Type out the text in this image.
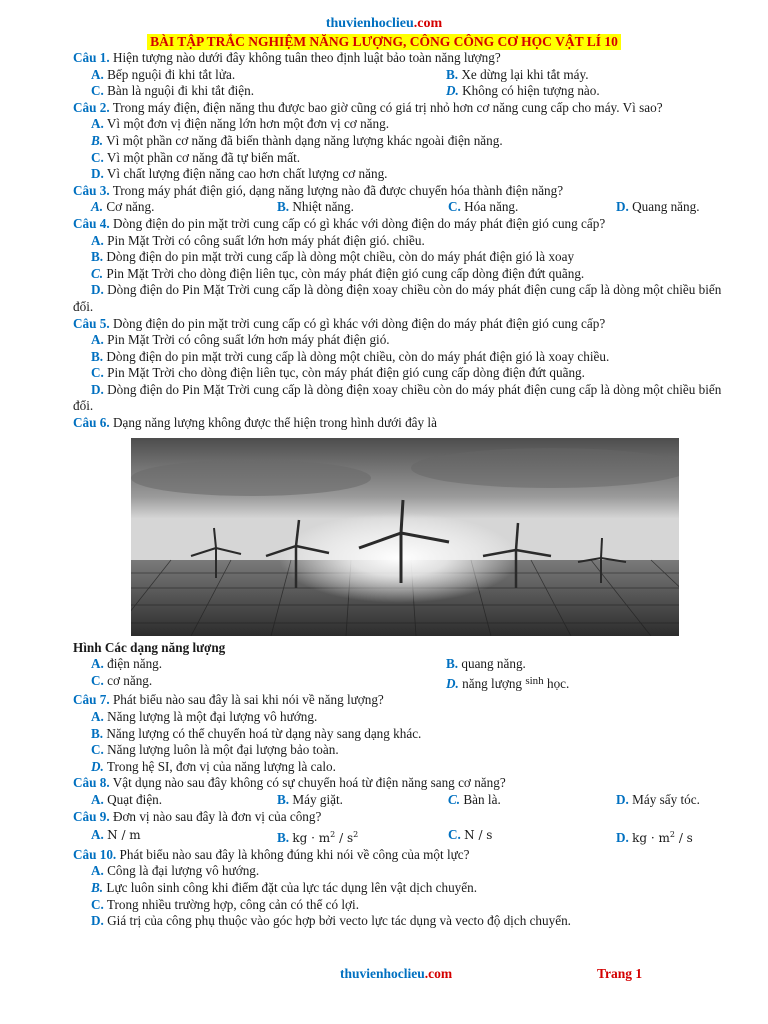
thuvienhoclieu.com
BÀI TẬP TRẮC NGHIỆM NĂNG LƯỢNG, CÔNG CÔNG CƠ HỌC VẬT LÍ 10
Câu 1. Hiện tượng nào dưới đây không tuân theo định luật bảo toàn năng lượng?
A. Bếp nguội đi khi tắt lửa.	B. Xe dừng lại khi tắt máy.
C. Bàn là nguội đi khi tắt điện.	D. Không có hiện tượng nào.
Câu 2. Trong máy điện, điện năng thu được bao giờ cũng có giá trị nhỏ hơn cơ năng cung cấp cho máy. Vì sao?
A. Vì một đơn vị điện năng lớn hơn một đơn vị cơ năng.
B. Vì một phần cơ năng đã biến thành dạng năng lượng khác ngoài điện năng.
C. Vì một phần cơ năng đã tự biến mất.
D. Vì chất lượng điện năng cao hơn chất lượng cơ năng.
Câu 3. Trong máy phát điện gió, dạng năng lượng nào đã được chuyển hóa thành điện năng?
A. Cơ năng.	B. Nhiệt năng.	C. Hóa năng.	D. Quang năng.
Câu 4. Dòng điện do pin mặt trời cung cấp có gì khác với dòng điện do máy phát điện gió cung cấp?
A. Pin Mặt Trời có công suất lớn hơn máy phát điện gió. chiều.
B. Dòng điện do pin mặt trời cung cấp là dòng một chiều, còn do máy phát điện gió là xoay
C. Pin Mặt Trời cho dòng điện liên tục, còn máy phát điện gió cung cấp dòng điện đứt quãng.
D. Dòng điện do Pin Mặt Trời cung cấp là dòng điện xoay chiều còn do máy phát điện cung cấp là dòng một chiều biến đổi.
Câu 5. Dòng điện do pin mặt trời cung cấp có gì khác với dòng điện do máy phát điện gió cung cấp?
A. Pin Mặt Trời có công suất lớn hơn máy phát điện gió.
B. Dòng điện do pin mặt trời cung cấp là dòng một chiều, còn do máy phát điện gió là xoay chiều.
C. Pin Mặt Trời cho dòng điện liên tục, còn máy phát điện gió cung cấp dòng điện đứt quãng.
D. Dòng điện do Pin Mặt Trời cung cấp là dòng điện xoay chiều còn do máy phát điện cung cấp là dòng một chiều biến đổi.
Câu 6. Dạng năng lượng không được thể hiện trong hình dưới đây là
Hình Các dạng năng lượng
A. điện năng.	B. quang năng.
C. cơ năng.	D. năng lượng $^{sinh}$ học.
Câu 7. Phát biểu nào sau đây là sai khi nói về năng lượng?
A. Năng lượng là một đại lượng vô hướng.
B. Năng lượng có thể chuyển hoá từ dạng này sang dạng khác.
C. Năng lượng luôn là một đại lượng bảo toàn.
D. Trong hệ SI, đơn vị của năng lượng là calo.
Câu 8. Vật dụng nào sau đây không có sự chuyển hoá từ điện năng sang cơ năng?
A. Quạt điện.	B. Máy giặt.	C. Bàn là.	D. Máy sấy tóc.
Câu 9. Đơn vị nào sau đây là đơn vị của công?
A. N / m	B. kg · $m^2 / s^2$	C. N / s	D. kg · $m^2$ / s
Câu 10. Phát biểu nào sau đây là không đúng khi nói về công của một lực?
A. Công là đại lượng vô hướng.
B. Lực luôn sinh công khi điểm đặt của lực tác dụng lên vật dịch chuyển.
C. Trong nhiều trường hợp, công cản có thể có lợi.
D. Giá trị của công phụ thuộc vào góc hợp bởi vecto lực tác dụng và vecto độ dịch chuyển.
thuvienhoclieu.com	Trang 1
